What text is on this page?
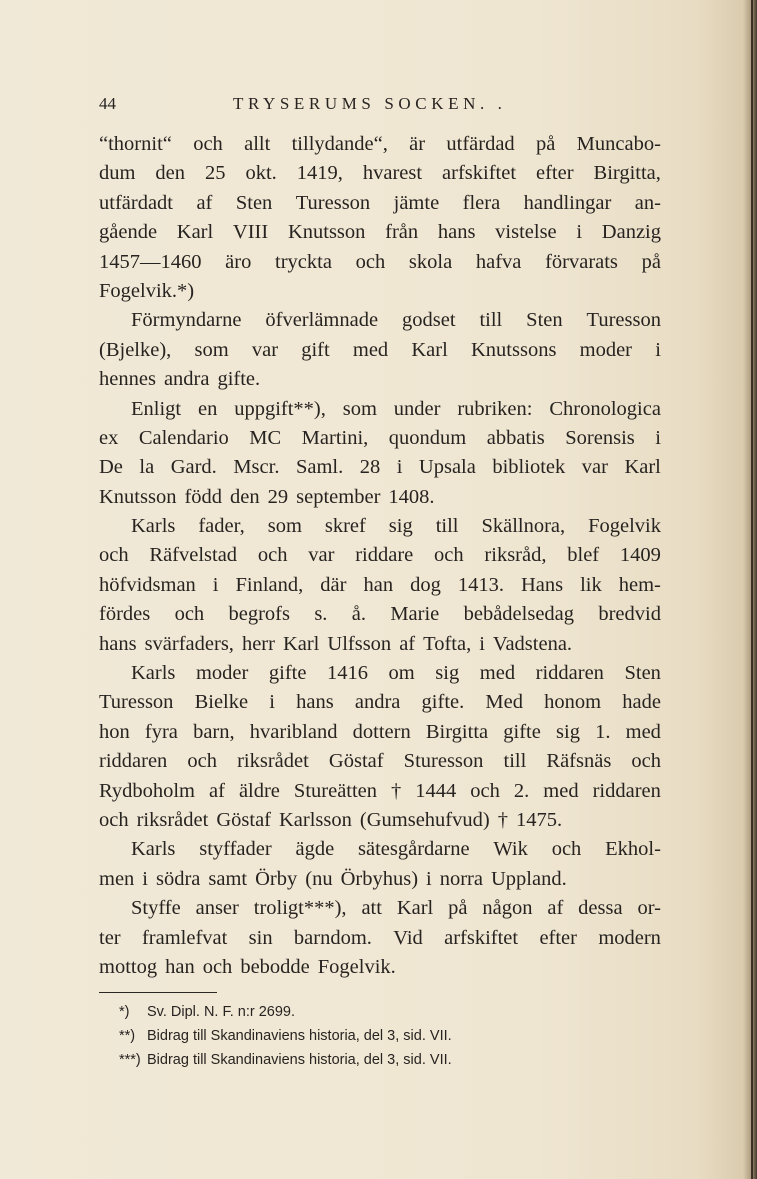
44	TRYSERUMS SOCKEN. .
“thornit“ och allt tillydande“, är utfärdad på Muncabo-
dum den 25 okt. 1419, hvarest arfskiftet efter Birgitta,
utfärdadt af Sten Turesson jämte flera handlingar an-
gående Karl VIII Knutsson från hans vistelse i Danzig
1457—1460 äro tryckta och skola hafva förvarats på
Fogelvik.*)
Förmyndarne öfverlämnade godset till Sten Turesson
(Bjelke), som var gift med Karl Knutssons moder i
hennes andra gifte.
Enligt en uppgift**), som under rubriken: Chronologica
ex Calendario MC Martini, quondum abbatis Sorensis i
De la Gard. Mscr. Saml. 28 i Upsala bibliotek var Karl
Knutsson född den 29 september 1408.
Karls fader, som skref sig till Skällnora, Fogelvik
och Räfvelstad och var riddare och riksråd, blef 1409
höfvidsman i Finland, där han dog 1413. Hans lik hem-
fördes och begrofs s. å. Marie bebådelsedag bredvid
hans svärfaders, herr Karl Ulfsson af Tofta, i Vadstena.
Karls moder gifte 1416 om sig med riddaren Sten
Turesson Bielke i hans andra gifte. Med honom hade
hon fyra barn, hvaribland dottern Birgitta gifte sig 1. med
riddaren och riksrådet Göstaf Sturesson till Räfsnäs och
Rydboholm af äldre Stureätten † 1444 och 2. med riddaren
och riksrådet Göstaf Karlsson (Gumsehufvud) † 1475.
Karls styffader ägde sätesgårdarne Wik och Ekhol-
men i södra samt Örby (nu Örbyhus) i norra Uppland.
Styffe anser troligt***), att Karl på någon af dessa or-
ter framlefvat sin barndom. Vid arfskiftet efter modern
mottog han och bebodde Fogelvik.
*) Sv. Dipl. N. F. n:r 2699.
**) Bidrag till Skandinaviens historia, del 3, sid. VII.
***) Bidrag till Skandinaviens historia, del 3, sid. VII.
